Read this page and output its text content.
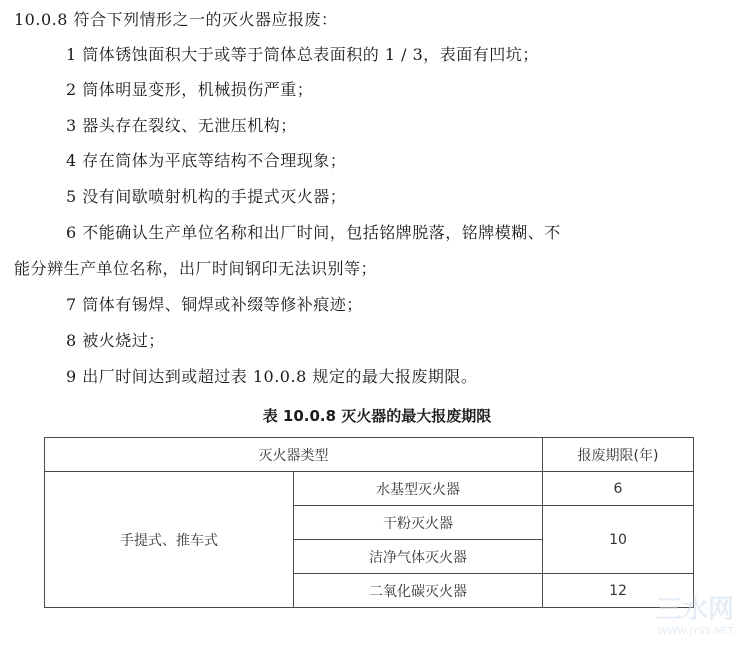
10.0.8 符合下列情形之一的灭火器应报废：
1 筒体锈蚀面积大于或等于筒体总表面积的 1 / 3，表面有凹坑；
2 筒体明显变形，机械损伤严重；
3 器头存在裂纹、无泄压机构；
4 存在筒体为平底等结构不合理现象；
5 没有间歇喷射机构的手提式灭火器；
6 不能确认生产单位名称和出厂时间，包括铭牌脱落，铭牌模糊、不
能分辨生产单位名称，出厂时间钢印无法识别等；
7 筒体有锡焊、铜焊或补缀等修补痕迹；
8 被火烧过；
9 出厂时间达到或超过表 10.0.8 规定的最大报废期限。
表 10.0.8 灭火器的最大报废期限
灭火器类型		报废期限(年)
手提式、推车式	水基型灭火器	6
	干粉灭火器	10
	洁净气体灭火器	
	二氧化碳灭火器	12
三水网
WWW.JYSS.NET
